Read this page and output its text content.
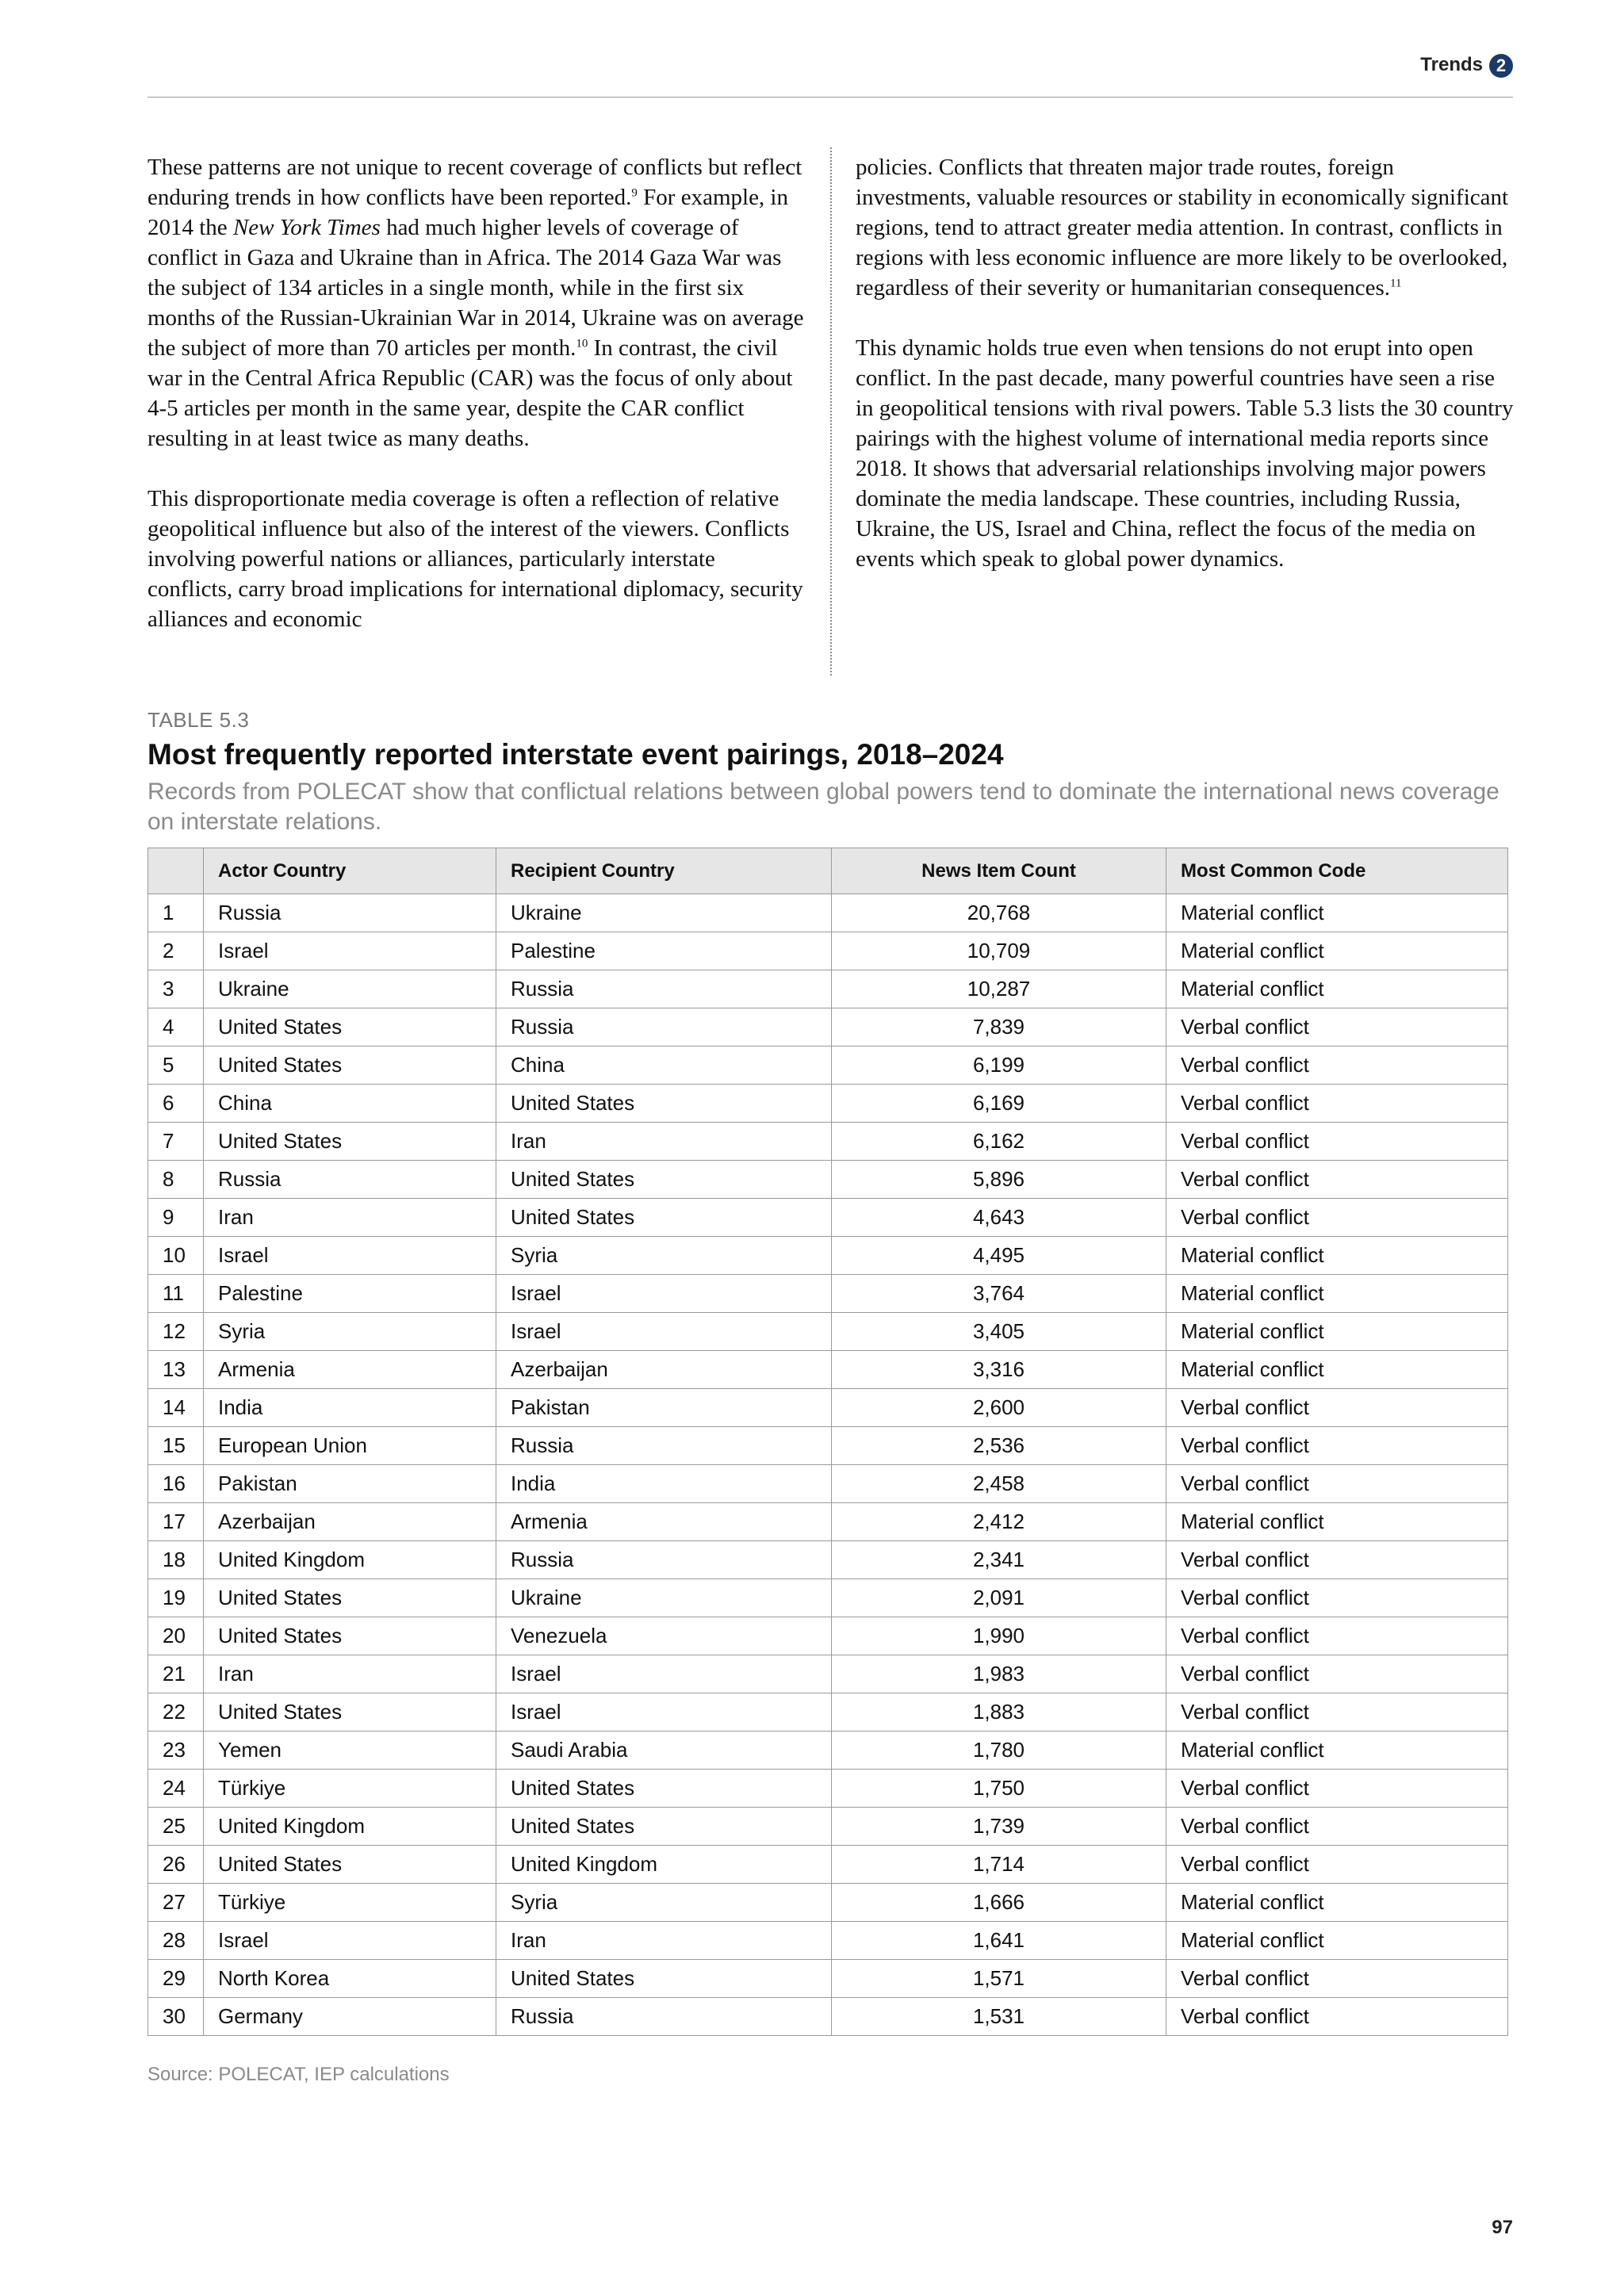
Trends 2

These patterns are not unique to recent coverage of conflicts but reflect enduring trends in how conflicts have been reported.$^9$ For example, in 2014 the New York Times had much higher levels of coverage of conflict in Gaza and Ukraine than in Africa. The 2014 Gaza War was the subject of 134 articles in a single month, while in the first six months of the Russian-Ukrainian War in 2014, Ukraine was on average the subject of more than 70 articles per month.$^{10}$ In contrast, the civil war in the Central Africa Republic (CAR) was the focus of only about 4-5 articles per month in the same year, despite the CAR conflict resulting in at least twice as many deaths.

This disproportionate media coverage is often a reflection of relative geopolitical influence but also of the interest of the viewers. Conflicts involving powerful nations or alliances, particularly interstate conflicts, carry broad implications for international diplomacy, security alliances and economic

policies. Conflicts that threaten major trade routes, foreign investments, valuable resources or stability in economically significant regions, tend to attract greater media attention. In contrast, conflicts in regions with less economic influence are more likely to be overlooked, regardless of their severity or humanitarian consequences.$^{11}$

This dynamic holds true even when tensions do not erupt into open conflict. In the past decade, many powerful countries have seen a rise in geopolitical tensions with rival powers. Table 5.3 lists the 30 country pairings with the highest volume of international media reports since 2018. It shows that adversarial relationships involving major powers dominate the media landscape. These countries, including Russia, Ukraine, the US, Israel and China, reflect the focus of the media on events which speak to global power dynamics.

TABLE 5.3
Most frequently reported interstate event pairings, 2018–2024
Records from POLECAT show that conflictual relations between global powers tend to dominate the international news coverage on interstate relations.
	Actor Country	Recipient Country	News Item Count	Most Common Code
1	Russia	Ukraine	20,768	Material conflict
2	Israel	Palestine	10,709	Material conflict
3	Ukraine	Russia	10,287	Material conflict
4	United States	Russia	7,839	Verbal conflict
5	United States	China	6,199	Verbal conflict
6	China	United States	6,169	Verbal conflict
7	United States	Iran	6,162	Verbal conflict
8	Russia	United States	5,896	Verbal conflict
9	Iran	United States	4,643	Verbal conflict
10	Israel	Syria	4,495	Material conflict
11	Palestine	Israel	3,764	Material conflict
12	Syria	Israel	3,405	Material conflict
13	Armenia	Azerbaijan	3,316	Material conflict
14	India	Pakistan	2,600	Verbal conflict
15	European Union	Russia	2,536	Verbal conflict
16	Pakistan	India	2,458	Verbal conflict
17	Azerbaijan	Armenia	2,412	Material conflict
18	United Kingdom	Russia	2,341	Verbal conflict
19	United States	Ukraine	2,091	Verbal conflict
20	United States	Venezuela	1,990	Verbal conflict
21	Iran	Israel	1,983	Verbal conflict
22	United States	Israel	1,883	Verbal conflict
23	Yemen	Saudi Arabia	1,780	Material conflict
24	Türkiye	United States	1,750	Verbal conflict
25	United Kingdom	United States	1,739	Verbal conflict
26	United States	United Kingdom	1,714	Verbal conflict
27	Türkiye	Syria	1,666	Material conflict
28	Israel	Iran	1,641	Material conflict
29	North Korea	United States	1,571	Verbal conflict
30	Germany	Russia	1,531	Verbal conflict
Source: POLECAT, IEP calculations
97
